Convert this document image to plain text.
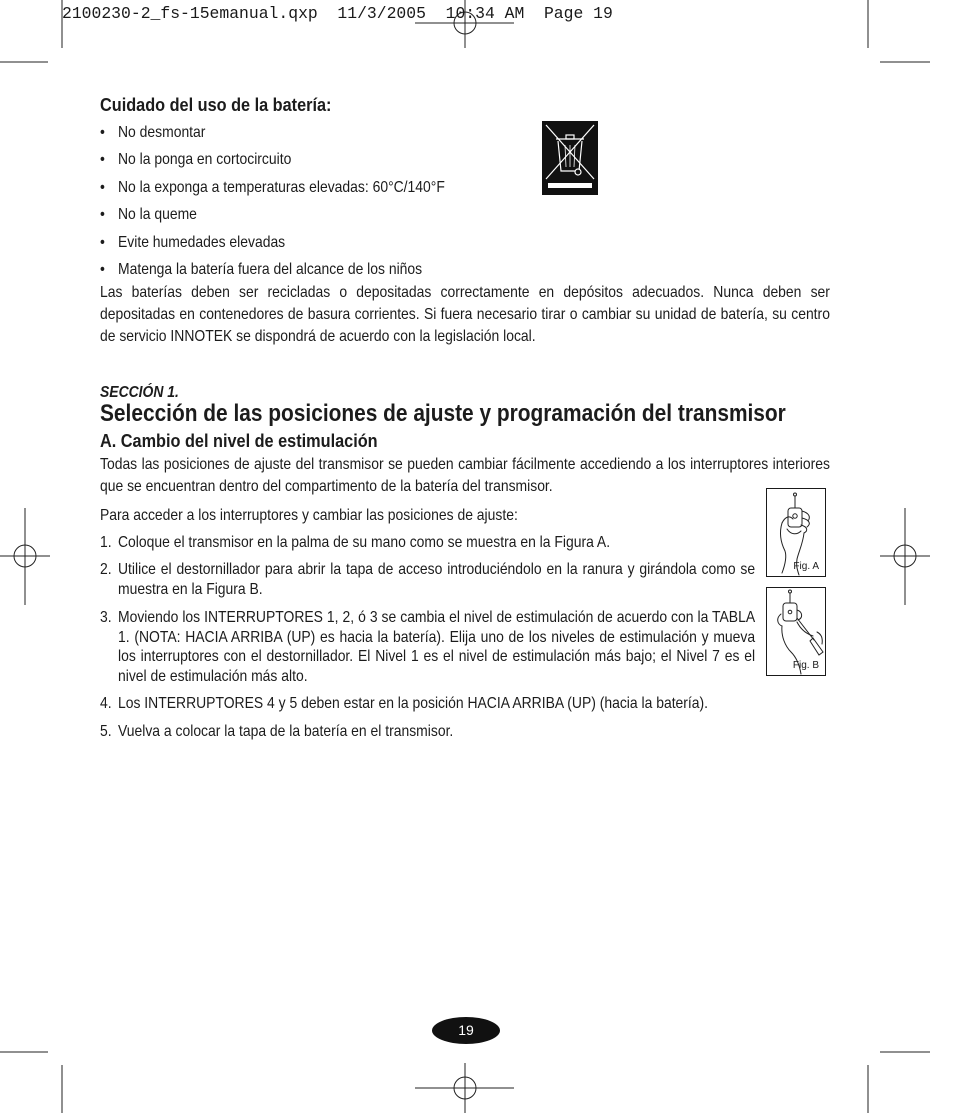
2100230-2_fs-15emanual.qxp  11/3/2005  10:34 AM  Page 19
Cuidado del uso de la batería:
• No desmontar
• No la ponga en cortocircuito
• No la exponga a temperaturas elevadas: 60°C/140°F
• No la queme
• Evite humedades elevadas
• Matenga la batería fuera del alcance de los niños

Las baterías deben ser recicladas o depositadas correctamente en depósitos adecuados. Nunca deben ser depositadas en contenedores de basura corrientes. Si fuera necesario tirar o cambiar su unidad de batería, su centro de servicio INNOTEK se dispondrá de acuerdo con la legislación local.

SECCIÓN 1.
Selección de las posiciones de ajuste y programación del transmisor
A. Cambio del nivel de estimulación

Todas las posiciones de ajuste del transmisor se pueden cambiar fácilmente accediendo a los interruptores interiores que se encuentran dentro del compartimento de la batería del transmisor.

Para acceder a los interruptores y cambiar las posiciones de ajuste:

1. Coloque el transmisor en la palma de su mano como se muestra en la Figura A.
2. Utilice el destornillador para abrir la tapa de acceso introduciéndolo en la ranura y girándola como se muestra en la Figura B.
3. Moviendo los INTERRUPTORES 1, 2, ó 3 se cambia el nivel de estimulación de acuerdo con la TABLA 1. (NOTA: HACIA ARRIBA (UP) es hacia la batería). Elija uno de los niveles de estimulación y mueva los interruptores con el destornillador. El Nivel 1 es el nivel de estimulación más bajo; el Nivel 7 es el nivel de estimulación más alto.
4. Los INTERRUPTORES 4 y 5 deben estar en la posición HACIA ARRIBA (UP) (hacia la batería).
5. Vuelva a colocar la tapa de la batería en el transmisor.
Fig. A
Fig. B
19
